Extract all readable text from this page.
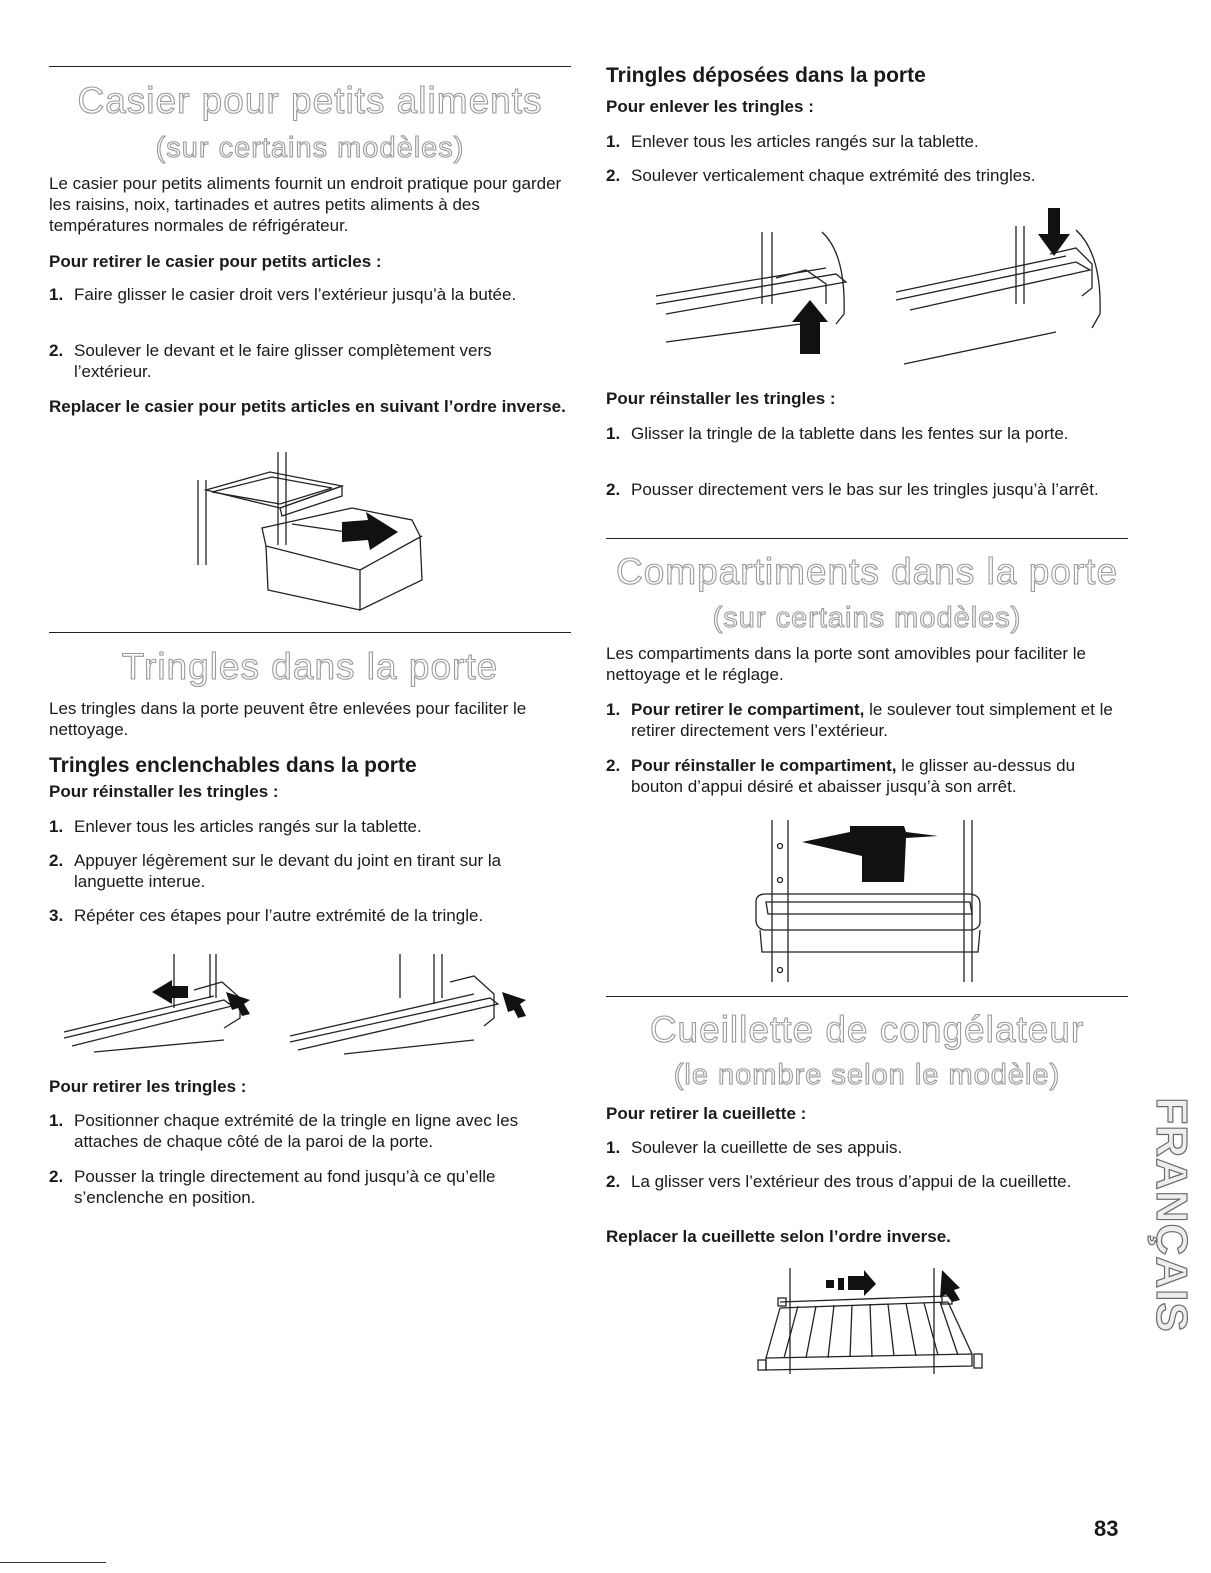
Casier pour petits aliments
(sur certains modèles)

Le casier pour petits aliments fournit un endroit pratique pour garder les raisins, noix, tartinades et autres petits aliments à des températures normales de réfrigérateur.

Pour retirer le casier pour petits articles :

1. Faire glisser le casier droit vers l’extérieur jusqu’à la butée.
2. Soulever le devant et le faire glisser complètement vers l’extérieur.

Replacer le casier pour petits articles en suivant l’ordre inverse.

Tringles dans la porte

Les tringles dans la porte peuvent être enlevées pour faciliter le nettoyage.

Tringles enclenchables dans la porte

Pour réinstaller les tringles :

1. Enlever tous les articles rangés sur la tablette.
2. Appuyer légèrement sur le devant du joint en tirant sur la languette interue.
3. Répéter ces étapes pour l’autre extrémité de la tringle.

Pour retirer les tringles :

1. Positionner chaque extrémité de la tringle en ligne avec les attaches de chaque côté de la paroi de la porte.
2. Pousser la tringle directement au fond jusqu’à ce qu’elle s’enclenche en position.
Tringles déposées dans la porte

Pour enlever les tringles :

1. Enlever tous les articles rangés sur la tablette.
2. Soulever verticalement chaque extrémité des tringles.

Pour réinstaller les tringles :

1. Glisser la tringle de la tablette dans les fentes sur la porte.
2. Pousser directement vers le bas sur les tringles jusqu’à l’arrêt.
Compartiments dans la porte
(sur certains modèles)

Les compartiments dans la porte sont amovibles pour faciliter le nettoyage et le réglage.

1. Pour retirer le compartiment, le soulever tout simplement et le retirer directement vers l’extérieur.
2. Pour réinstaller le compartiment, le glisser au-dessus du bouton d’appui désiré et abaisser jusqu’à son arrêt.
Cueillette de congélateur
(le nombre selon le modèle)

Pour retirer la cueillette :

1. Soulever la cueillette de ses appuis.
2. La glisser vers l’extérieur des trous d’appui de la cueillette.

Replacer la cueillette selon l’ordre inverse.	FRANÇAIS
83
